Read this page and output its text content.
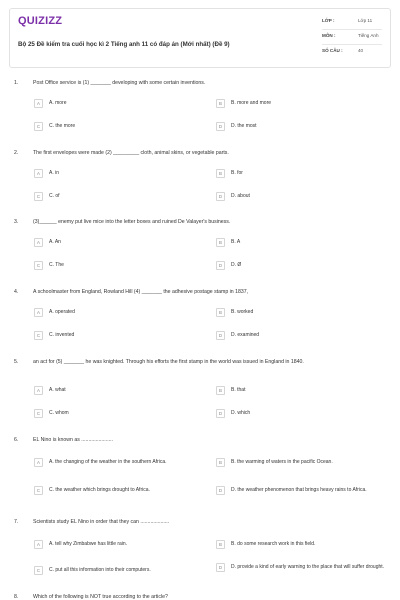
QUIZIZZ
Bộ 25 Đề kiểm tra cuối học kì 2 Tiếng anh 11 có đáp án (Mới nhất) (Đề 9)
LỚP :	Lớp 11
MÔN :	Tiếng Anh
SỐ CÂU :	40
1.	Post Office service is (1) _______ developing with some certain inventions.
A	A. more	B	B. more and more
C	C. the more	D	D. the most
2.	The first envelopes were made (2) _________ cloth, animal skins, or vegetable parts.
A	A. in	B	B. for
C	C. of	D	D. about
3.	(3)______ enemy put live mice into the letter boxes and ruined De Valayer's business.
A	A. An	B	B. A
C	C. The	D	D. Ø
4.	A schoolmaster from England, Rowland Hill (4) _______ the adhesive postage stamp in 1837,
A	A. operated	B	B. worked
C	C. invented	D	D. examined
5.	an act for (5) _______ he was knighted. Through his efforts the first stamp in the world was issued in England in 1840.
A	A. what	B	B. that
C	C. whom	D	D. which
6.	EL Nino is known as ......................
A	A. the changing of the weather in the southern Africa.	B	B. the warming of waters in the pacific Ocean.
C	C. the weather which brings drought to Africa.	D	D. the weather phenomenon that brings heavy rains to Africa.
7.	Scientists study EL Nino in order that they can ....................
A	A. tell why Zimbabwe has little rain.	B	B. do some research work in this field.
C	C. put all this information into their computers.	D	D. provide a kind of early warning to the place that will suffer drought.
8.	Which of the following is NOT true according to the article?
